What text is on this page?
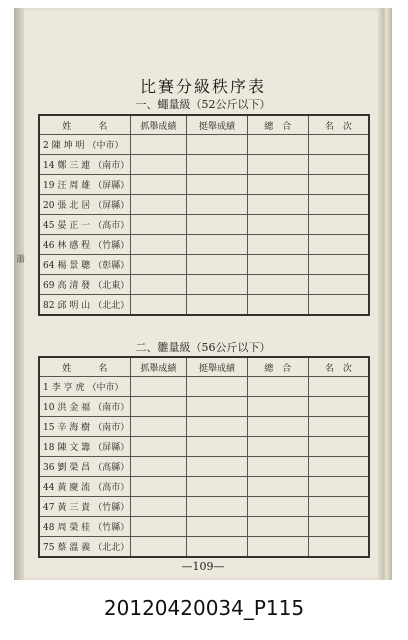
蕭
比賽分級秩序表
一、蠅量級（52公斤以下）
姓　　　名	抓舉成績	挺舉成績	總　合	名　次
2 陳 坤 明 （中市）				
14 鄭 三 連 （南市）				
19 汪 周 雄 （屏縣）				
20 張 北 居 （屏縣）				
45 晏 正 一 （高市）				
46 林 感 程 （竹縣）				
64 楊 景 聰 （彰縣）				
69 高 清 發 （北東）				
82 邱 明 山 （北北）				
二、雛量級（56公斤以下）
姓　　　名	抓舉成績	挺舉成績	總　合	名　次
1 李 亨 虎 （中市）				
10 洪 金 福 （南市）				
15 辛 海 樹 （南市）				
18 陳 文 籌 （屏縣）				
36 劉 榮 昌 （高縣）				
44 黃 慶 流 （高市）				
47 黃 三 貴 （竹縣）				
48 周 榮 桂 （竹縣）				
75 蔡 溫 義 （北北）				
—109—
20120420034_P115
